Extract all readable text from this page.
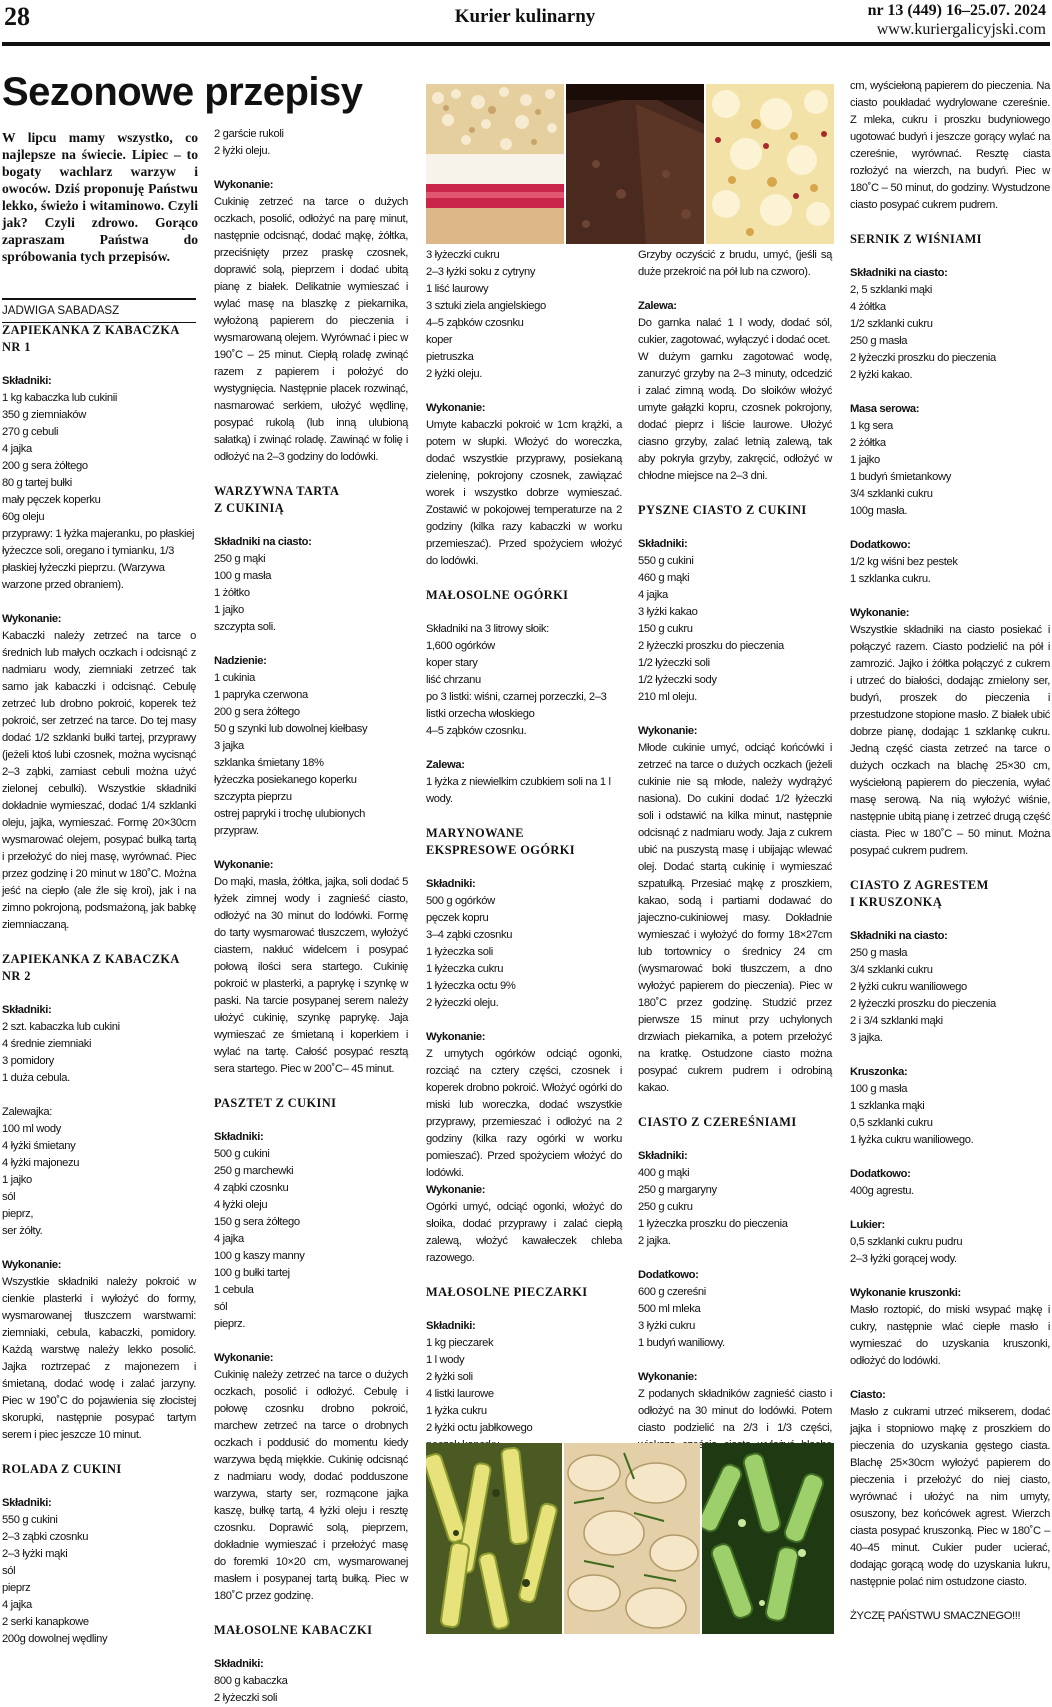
28	Kurier kulinarny	nr 13 (449) 16–25.07. 2024
www.kuriergalicyjski.com
Sezonowe przepisy
W lipcu mamy wszystko, co najlepsze na świecie. Lipiec – to bogaty wachlarz warzyw i owoców. Dziś proponuję Państwu lekko, świeżo i witaminowo. Czyli jak? Czyli zdrowo. Gorąco zapraszam Państwa do spróbowania tych przepisów.
JADWIGA SABADASZ

ZAPIEKANKA Z KABACZKA NR 1

Składniki:

1 kg kabaczka lub cukinii

350 g ziemniaków

270 g cebuli

4 jajka

200 g sera żółtego

80 g tartej bułki

mały pęczek koperku

60g oleju

przyprawy: 1 łyżka majeranku, po płaskiej łyżeczce soli, oregano i tymianku, 1/3 płaskiej łyżeczki pieprzu. (Warzywa warzone przed obraniem).

Wykonanie:

Kabaczki należy zetrzeć na tarce o średnich lub małych oczkach i odcisnąć z nadmiaru wody, ziemniaki zetrzeć tak samo jak kabaczki i odcisnąć. Cebulę zetrzeć lub drobno pokroić, koperek też pokroić, ser zetrzeć na tarce. Do tej masy dodać 1/2 szklanki bułki tartej, przyprawy (jeżeli ktoś lubi czosnek, można wycisnąć 2–3 ząbki, zamiast cebuli można użyć zielonej cebulki). Wszystkie składniki dokładnie wymieszać, dodać 1/4 szklanki oleju, jajka, wymieszać. Formę 20×30cm wysmarować olejem, posypać bułką tartą i przełożyć do niej masę, wyrównać. Piec przez godzinę i 20 minut w 180˚C. Można jeść na ciepło (ale źle się kroi), jak i na zimno pokrojoną, podsmażoną, jak babkę ziemniaczaną.

ZAPIEKANKA Z KABACZKA NR 2

Składniki:

2 szt. kabaczka lub cukini

4 średnie ziemniaki

3 pomidory

1 duża cebula.

Zalewajka:

100 ml wody

4 łyżki śmietany

4 łyżki majonezu

1 jajko

sól

pieprz,

ser żółty.

Wykonanie:

Wszystkie składniki należy pokroić w cienkie plasterki i wyłożyć do formy, wysmarowanej tłuszczem warstwami: ziemniaki, cebula, kabaczki, pomidory. Każdą warstwę należy lekko posolić. Jajka roztrzepać z majonezem i śmietaną, dodać wodę i zalać jarzyny. Piec w 190˚C do pojawienia się złocistej skorupki, następnie posypać tartym serem i piec jeszcze 10 minut.

ROLADA Z CUKINI

Składniki:

550 g cukini

2–3 ząbki czosnku

2–3 łyżki mąki

sól

pieprz

4 jajka

2 serki kanapkowe

200g dowolnej wędliny

2 garście rukoli

2 łyżki oleju.

Wykonanie:

Cukinię zetrzeć na tarce o dużych oczkach, posolić, odłożyć na parę minut, następnie odcisnąć, dodać mąkę, żółtka, przeciśnięty przez praskę czosnek, doprawić solą, pieprzem i dodać ubitą pianę z białek. Delikatnie wymieszać i wylać masę na blaszkę z piekarnika, wyłożoną papierem do pieczenia i wysmarowaną olejem. Wyrównać i piec w 190˚C – 25 minut. Ciepłą roladę zwinąć razem z papierem i położyć do wystygnięcia. Następnie placek rozwinąć, nasmarować serkiem, ułożyć wędlinę, posypać rukolą (lub inną ulubioną sałatką) i zwinąć roladę. Zawinąć w folię i odłożyć na 2–3 godziny do lodówki.

WARZYWNA TARTA

Z CUKINIĄ

Składniki na ciasto:

250 g mąki

100 g masła

1 żółtko

1 jajko

szczypta soli.

Nadzienie:

1 cukinia

1 papryka czerwona

200 g sera żółtego

50 g szynki lub dowolnej kiełbasy

3 jajka

szklanka śmietany 18%

łyżeczka posiekanego koperku

szczypta pieprzu

ostrej papryki i trochę ulubionych przypraw.

Wykonanie:

Do mąki, masła, żółtka, jajka, soli dodać 5 łyżek zimnej wody i zagnieść ciasto, odłożyć na 30 minut do lodówki. Formę do tarty wysmarować tłuszczem, wyłożyć ciastem, nakłuć widelcem i posypać połową ilości sera startego. Cukinię pokroić w plasterki, a paprykę i szynkę w paski. Na tarcie posypanej serem należy ułożyć cukinię, szynkę paprykę. Jaja wymieszać ze śmietaną i koperkiem i wylać na tartę. Całość posypać resztą sera startego. Piec w 200˚C– 45 minut.

PASZTET Z CUKINI

Składniki:

500 g cukini

250 g marchewki

4 ząbki czosnku

4 łyżki oleju

150 g sera żółtego

4 jajka

100 g kaszy manny

100 g bułki tartej

1 cebula

sól

pieprz.

Wykonanie:

Cukinię należy zetrzeć na tarce o dużych oczkach, posolić i odłożyć. Cebulę i połowę czosnku drobno pokroić, marchew zetrzeć na tarce o drobnych oczkach i poddusić do momentu kiedy warzywa będą miękkie. Cukinię odcisnąć z nadmiaru wody, dodać podduszone warzywa, starty ser, rozmącone jajka kaszę, bułkę tartą, 4 łyżki oleju i resztę czosnku. Doprawić solą, pieprzem, dokładnie wymieszać i przełożyć masę do foremki 10×20 cm, wysmarowanej masłem i posypanej tartą bułką. Piec w 180˚C przez godzinę.

MAŁOSOLNE KABACZKI

Składniki:

800 g kabaczka

2 łyżeczki soli

3 łyżeczki cukru

2–3 łyżki soku z cytryny

1 liść laurowy

3 sztuki ziela angielskiego

4–5 ząbków czosnku

koper

pietruszka

2 łyżki oleju.

Wykonanie:

Umyte kabaczki pokroić w 1cm krążki, a potem w słupki. Włożyć do woreczka, dodać wszystkie przyprawy, posiekaną zieleninę, pokrojony czosnek, zawiązać worek i wszystko dobrze wymieszać. Zostawić w pokojowej temperaturze na 2 godziny (kilka razy kabaczki w worku przemieszać). Przed spożyciem włożyć do lodówki.

MAŁOSOLNE OGÓRKI

Składniki na 3 litrowy słoik:

1,600 ogórków

koper stary

liść chrzanu

po 3 listki: wiśni, czarnej porzeczki, 2–3 listki orzecha włoskiego

4–5 ząbków czosnku.

Zalewa:

1 łyżka z niewielkim czubkiem soli na 1 l wody.

MARYNOWANE

EKSPRESOWE OGÓRKI

Składniki:

500 g ogórków

pęczek kopru

3–4 ząbki czosnku

1 łyżeczka soli

1 łyżeczka cukru

1 łyżeczka octu 9%

2 łyżeczki oleju.

Wykonanie:

Z umytych ogórków odciąć ogonki, rozciąć na cztery części, czosnek i koperek drobno pokroić. Włożyć ogórki do miski lub woreczka, dodać wszystkie przyprawy, przemieszać i odłożyć na 2 godziny (kilka razy ogórki w worku pomieszać). Przed spożyciem włożyć do lodówki.

Wykonanie:

Ogórki umyć, odciąć ogonki, włożyć do słoika, dodać przyprawy i zalać ciepłą zalewą, włożyć kawałeczek chleba razowego.

MAŁOSOLNE PIECZARKI

Składniki:

1 kg pieczarek

1 l wody

2 łyżki soli

4 listki laurowe

1 łyżka cukru

2 łyżki octu jabłkowego

Grzyby oczyścić z brudu, umyć, (jeśli są duże przekroić na pół lub na czworo).

Zalewa:

Do garnka nalać 1 l wody, dodać sól, cukier, zagotować, wyłączyć i dodać ocet.

W dużym garnku zagotować wodę, zanurzyć grzyby na 2–3 minuty, odcedzić i zalać zimną wodą. Do słoików włożyć umyte gałązki kopru, czosnek pokrojony, dodać pieprz i liście laurowe. Ułożyć ciasno grzyby, zalać letnią zalewą, tak aby pokryła grzyby, zakręcić, odłożyć w chłodne miejsce na 2–3 dni.

PYSZNE CIASTO Z CUKINI

Składniki:

550 g cukini

460 g mąki

4 jajka

3 łyżki kakao

150 g cukru

2 łyżeczki proszku do pieczenia

1/2 łyżeczki soli

1/2 łyżeczki sody

210 ml oleju.

Wykonanie:

Młode cukinie umyć, odciąć końcówki i zetrzeć na tarce o dużych oczkach (jeżeli cukinie nie są młode, należy wydrążyć nasiona). Do cukini dodać 1/2 łyżeczki soli i odstawić na kilka minut, następnie odcisnąć z nadmiaru wody. Jaja z cukrem ubić na puszystą masę i ubijając wlewać olej. Dodać startą cukinię i wymieszać szpatułką. Przesiać mąkę z proszkiem, kakao, sodą i partiami dodawać do jajeczno-cukiniowej masy. Dokładnie wymieszać i wyłożyć do formy 18×27cm lub tortownicy o średnicy 24 cm (wysmarować boki tłuszczem, a dno wyłożyć papierem do pieczenia). Piec w 180˚C przez godzinę. Studzić przez pierwsze 15 minut przy uchylonych drzwiach piekarnika, a potem przełożyć na kratkę. Ostudzone ciasto można posypać cukrem pudrem i odrobiną kakao.

CIASTO Z CZEREŚNIAMI

Składniki:

400 g mąki

250 g margaryny

250 g cukru

1 łyżeczka proszku do pieczenia

2 jajka.

Dodatkowo:

600 g czereśni

500 ml mleka

3 łyżki cukru

1 budyń waniliowy.

Wykonanie:

Z podanych składników zagnieść ciasto i odłożyć na 30 minut do lodówki. Potem ciasto podzielić na 2/3 i 1/3 części,

cm, wyściełoną papierem do pieczenia. Na ciasto poukładać wydrylowane czereśnie. Z mleka, cukru i proszku budyniowego ugotować budyń i jeszcze gorący wylać na czereśnie, wyrównać. Resztę ciasta rozłożyć na wierzch, na budyń. Piec w 180˚C – 50 minut, do godziny. Wystudzone ciasto posypać cukrem pudrem.

SERNIK Z WIŚNIAMI

Składniki na ciasto:

2, 5 szklanki mąki

4 żółtka

1/2 szklanki cukru

250 g masła

2 łyżeczki proszku do pieczenia

2 łyżki kakao.

Masa serowa:

1 kg sera

2 żółtka

1 jajko

1 budyń śmietankowy

3/4 szklanki cukru

100g masła.

Dodatkowo:

1/2 kg wiśni bez pestek

1 szklanka cukru.

Wykonanie:

Wszystkie składniki na ciasto posiekać i połączyć razem. Ciasto podzielić na pół i zamrozić. Jajko i żółtka połączyć z cukrem i utrzeć do białości, dodając zmielony ser, budyń, proszek do pieczenia i przestudzone stopione masło. Z białek ubić dobrze pianę, dodając 1 szklankę cukru. Jedną część ciasta zetrzeć na tarce o dużych oczkach na blachę 25×30 cm, wyściełoną papierem do pieczenia, wyłać masę serową. Na nią wyłożyć wiśnie, następnie ubitą pianę i zetrzeć drugą część ciasta. Piec w 180˚C – 50 minut. Można posypać cukrem pudrem.

CIASTO Z AGRESTEM

I KRUSZONKĄ

Składniki na ciasto:

250 g masła

3/4 szklanki cukru

2 łyżki cukru waniliowego

2 łyżeczki proszku do pieczenia

2 i 3/4 szklanki mąki

3 jajka.

Kruszonka:

100 g masła

1 szklanka mąki

0,5 szklanki cukru

1 łyżka cukru waniliowego.

Dodatkowo:

400g agrestu.

Lukier:

0,5 szklanki cukru pudru

2–3 łyżki gorącej wody.

Wykonanie kruszonki:

Masło roztopić, do miski wsypać mąkę i cukry, następnie wlać ciepłe masło i wymieszać do uzyskania kruszonki, odłożyć do lodówki.

Ciasto:

Masło z cukrami utrzeć mikserem, dodać jajka i stopniowo mąkę z proszkiem do pieczenia do uzyskania gęstego ciasta. Blachę 25×30cm wyłożyć papierem do pieczenia i przełożyć do niej ciasto, wyrównać i ułożyć na nim umyty, osuszony, bez końcówek agrest. Wierzch ciasta posypać kruszonką. Piec w 180˚C – 40–45 minut. Cukier puder ucierać, dodając gorącą wodę do uzyskania lukru, następnie polać nim ostudzone ciasto.

ŻYCZĘ PAŃSTWU SMACZNEGO!!!
